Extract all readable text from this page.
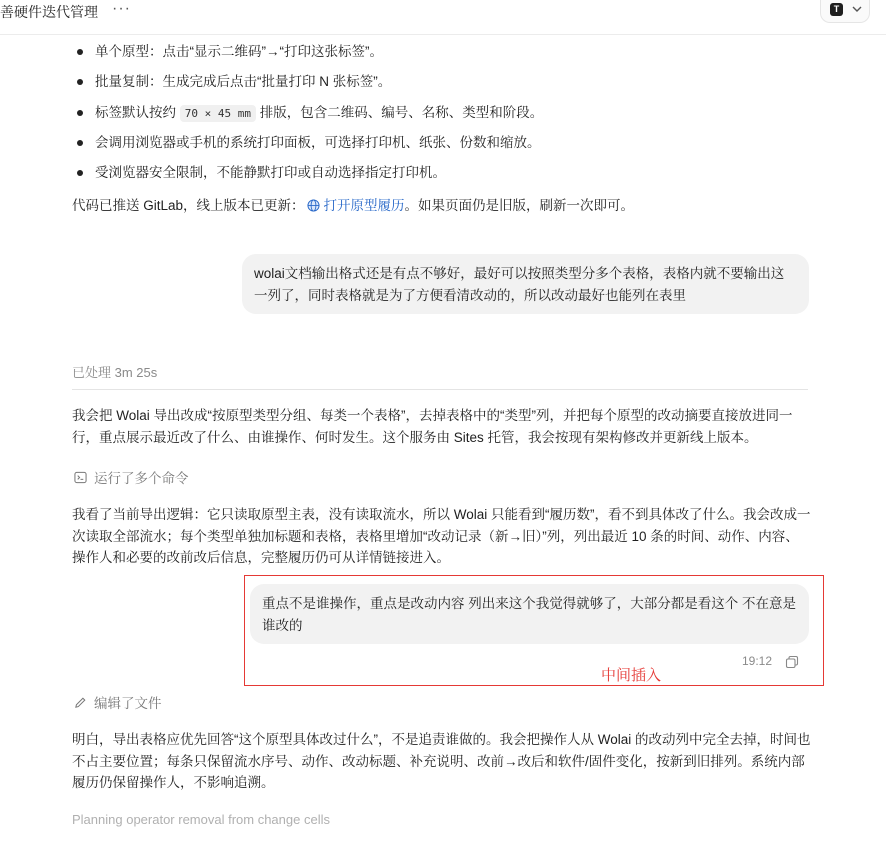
善硬件迭代管理 ···	T
单个原型：点击“显示二维码”→“打印这张标签”。
批量复制：生成完成后点击“批量打印 N 张标签”。
标签默认按约 70 × 45 mm 排版，包含二维码、编号、名称、类型和阶段。
会调用浏览器或手机的系统打印面板，可选择打印机、纸张、份数和缩放。
受浏览器安全限制，不能静默打印或自动选择指定打印机。
代码已推送 GitLab，线上版本已更新： 打开原型履历。如果页面仍是旧版，刷新一次即可。
wolai文档输出格式还是有点不够好，最好可以按照类型分多个表格，表格内就不要输出这一列了，同时表格就是为了方便看清改动的，所以改动最好也能列在表里
已处理 3m 25s
我会把 Wolai 导出改成“按原型类型分组、每类一个表格”，去掉表格中的“类型”列，并把每个原型的改动摘要直接放进同一行，重点展示最近改了什么、由谁操作、何时发生。这个服务由 Sites 托管，我会按现有架构修改并更新线上版本。
运行了多个命令
我看了当前导出逻辑：它只读取原型主表，没有读取流水，所以 Wolai 只能看到“履历数”，看不到具体改了什么。我会改成一次读取全部流水；每个类型单独加标题和表格，表格里增加“改动记录（新→旧）”列，列出最近 10 条的时间、动作、内容、操作人和必要的改前改后信息，完整履历仍可从详情链接进入。
重点不是谁操作，重点是改动内容 列出来这个我觉得就够了，大部分都是看这个 不在意是谁改的
19:12
中间插入
编辑了文件
明白，导出表格应优先回答“这个原型具体改过什么”，不是追责谁做的。我会把操作人从 Wolai 的改动列中完全去掉，时间也不占主要位置；每条只保留流水序号、动作、改动标题、补充说明、改前→改后和软件/固件变化，按新到旧排列。系统内部履历仍保留操作人，不影响追溯。
Planning operator removal from change cells
